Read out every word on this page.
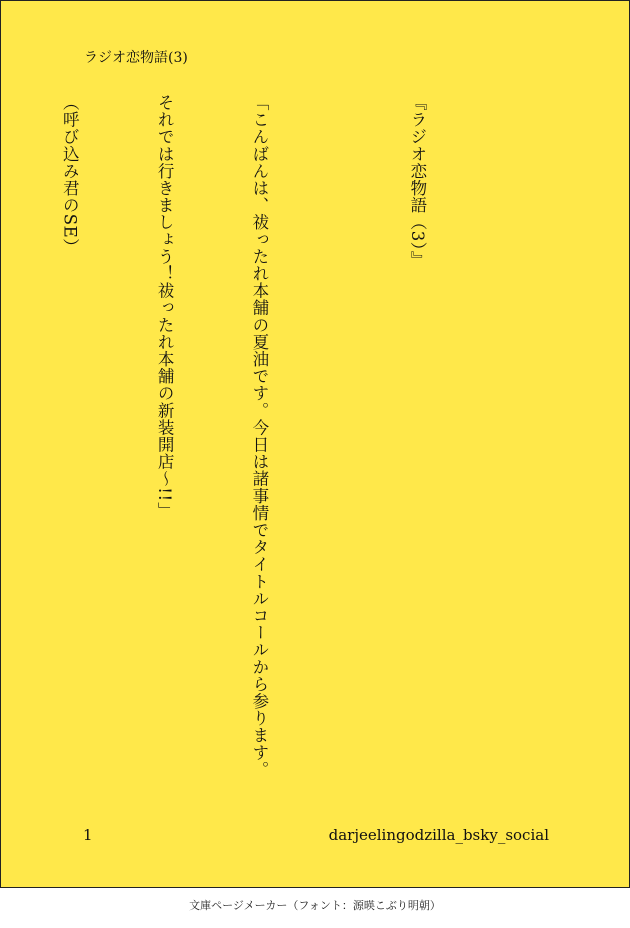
ラジオ恋物語(3)

『ラジオ恋物語（3）』

「こんばんは、祓ったれ本舗の夏油です。今日は諸事情でタイトルコールから参ります。

それでは行きましょう！祓ったれ本舗の新装開店〜!!」

（呼び込み君のSE）

1	darjeelingodzilla_bsky_social
文庫ページメーカー（フォント：源暎こぶり明朝）
